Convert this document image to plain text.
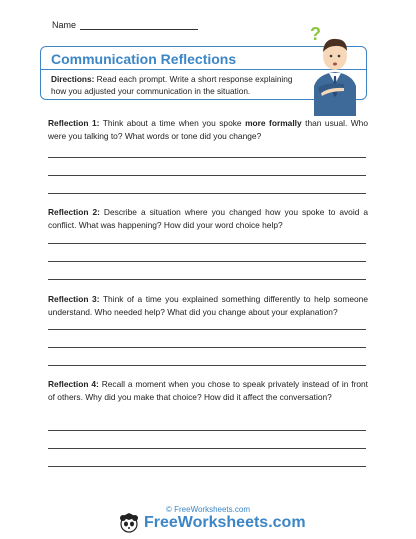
Name
Communication Reflections
Directions: Read each prompt. Write a short response explaining how you adjusted your communication in the situation.
?
Reflection 1: Think about a time when you spoke more formally than usual. Who were you talking to? What words or tone did you change?
Reflection 2: Describe a situation where you changed how you spoke to avoid a conflict. What was happening? How did your word choice help?
Reflection 3: Think of a time you explained something differently to help someone understand. Who needed help? What did you change about your explanation?
Reflection 4: Recall a moment when you chose to speak privately instead of in front of others. Why did you make that choice? How did it affect the conversation?
© FreeWorksheets.com
FreeWorksheets.com
